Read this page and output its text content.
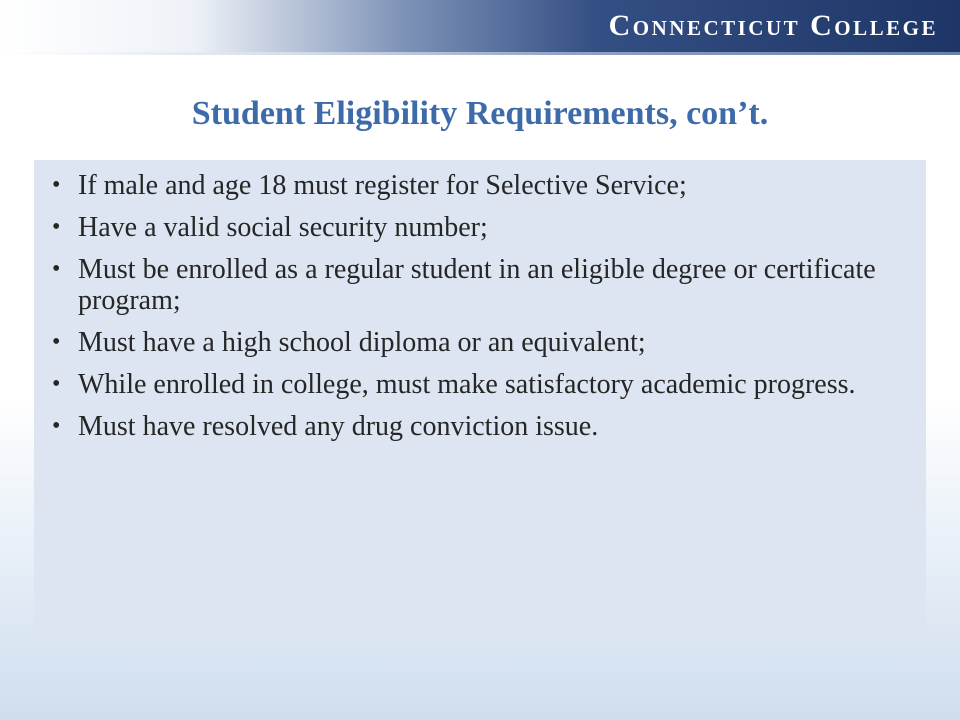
Connecticut College
Student Eligibility Requirements, con’t.
• If male and age 18 must register for Selective Service;
• Have a valid social security number;
• Must be enrolled as a regular student in an eligible degree or certificate program;
• Must have a high school diploma or an equivalent;
• While enrolled in college, must make satisfactory academic progress.
• Must have resolved any drug conviction issue.
